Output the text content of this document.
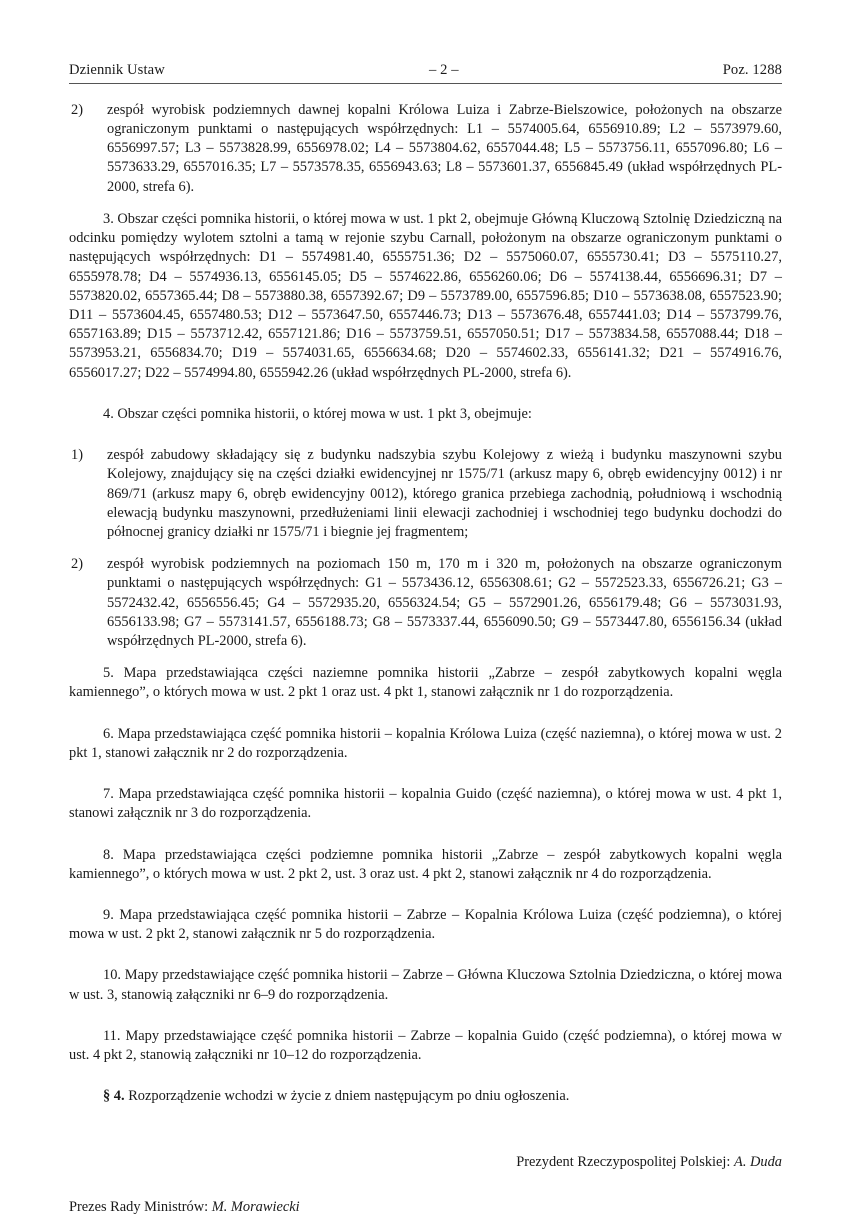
Dziennik Ustaw	– 2 –	Poz. 1288
2)	zespół wyrobisk podziemnych dawnej kopalni Królowa Luiza i Zabrze-Bielszowice, położonych na obszarze ograniczonym punktami o następujących współrzędnych: L1 – 5574005.64, 6556910.89; L2 – 5573979.60, 6556997.57; L3 – 5573828.99, 6556978.02; L4 – 5573804.62, 6557044.48; L5 – 5573756.11, 6557096.80; L6 – 5573633.29, 6557016.35; L7 – 5573578.35, 6556943.63; L8 – 5573601.37, 6556845.49 (układ współrzędnych PL-2000, strefa 6).
3. Obszar części pomnika historii, o której mowa w ust. 1 pkt 2, obejmuje Główną Kluczową Sztolnię Dziedziczną na odcinku pomiędzy wylotem sztolni a tamą w rejonie szybu Carnall, położonym na obszarze ograniczonym punktami o następujących współrzędnych: D1 – 5574981.40, 6555751.36; D2 – 5575060.07, 6555730.41; D3 – 5575110.27, 6555978.78; D4 – 5574936.13, 6556145.05; D5 – 5574622.86, 6556260.06; D6 – 5574138.44, 6556696.31; D7 – 5573820.02, 6557365.44; D8 – 5573880.38, 6557392.67; D9 – 5573789.00, 6557596.85; D10 – 5573638.08, 6557523.90; D11 – 5573604.45, 6557480.53; D12 – 5573647.50, 6557446.73; D13 – 5573676.48, 6557441.03; D14 – 5573799.76, 6557163.89; D15 – 5573712.42, 6557121.86; D16 – 5573759.51, 6557050.51; D17 – 5573834.58, 6557088.44; D18 – 5573953.21, 6556834.70; D19 – 5574031.65, 6556634.68; D20 – 5574602.33, 6556141.32; D21 – 5574916.76, 6556017.27; D22 – 5574994.80, 6555942.26 (układ współrzędnych PL-2000, strefa 6).
4. Obszar części pomnika historii, o której mowa w ust. 1 pkt 3, obejmuje:
1)	zespół zabudowy składający się z budynku nadszybia szybu Kolejowy z wieżą i budynku maszynowni szybu Kolejowy, znajdujący się na części działki ewidencyjnej nr 1575/71 (arkusz mapy 6, obręb ewidencyjny 0012) i nr 869/71 (arkusz mapy 6, obręb ewidencyjny 0012), którego granica przebiega zachodnią, południową i wschodnią elewacją budynku maszynowni, przedłużeniami linii elewacji zachodniej i wschodniej tego budynku dochodzi do północnej granicy działki nr 1575/71 i biegnie jej fragmentem;
2)	zespół wyrobisk podziemnych na poziomach 150 m, 170 m i 320 m, położonych na obszarze ograniczonym punktami o następujących współrzędnych: G1 – 5573436.12, 6556308.61; G2 – 5572523.33, 6556726.21; G3 – 5572432.42, 6556556.45; G4 – 5572935.20, 6556324.54; G5 – 5572901.26, 6556179.48; G6 – 5573031.93, 6556133.98; G7 – 5573141.57, 6556188.73; G8 – 5573337.44, 6556090.50; G9 – 5573447.80, 6556156.34 (układ współrzędnych PL-2000, strefa 6).
5. Mapa przedstawiająca części naziemne pomnika historii „Zabrze – zespół zabytkowych kopalni węgla kamiennego”, o których mowa w ust. 2 pkt 1 oraz ust. 4 pkt 1, stanowi załącznik nr 1 do rozporządzenia.
6. Mapa przedstawiająca część pomnika historii – kopalnia Królowa Luiza (część naziemna), o której mowa w ust. 2 pkt 1, stanowi załącznik nr 2 do rozporządzenia.
7. Mapa przedstawiająca część pomnika historii – kopalnia Guido (część naziemna), o której mowa w ust. 4 pkt 1, stanowi załącznik nr 3 do rozporządzenia.
8. Mapa przedstawiająca części podziemne pomnika historii „Zabrze – zespół zabytkowych kopalni węgla kamiennego”, o których mowa w ust. 2 pkt 2, ust. 3 oraz ust. 4 pkt 2, stanowi załącznik nr 4 do rozporządzenia.
9. Mapa przedstawiająca część pomnika historii – Zabrze – Kopalnia Królowa Luiza (część podziemna), o której mowa w ust. 2 pkt 2, stanowi załącznik nr 5 do rozporządzenia.
10. Mapy przedstawiające część pomnika historii – Zabrze – Główna Kluczowa Sztolnia Dziedziczna, o której mowa w ust. 3, stanowią załączniki nr 6–9 do rozporządzenia.
11. Mapy przedstawiające część pomnika historii – Zabrze – kopalnia Guido (część podziemna), o której mowa w ust. 4 pkt 2, stanowią załączniki nr 10–12 do rozporządzenia.
§ 4. Rozporządzenie wchodzi w życie z dniem następującym po dniu ogłoszenia.
Prezydent Rzeczypospolitej Polskiej: A. Duda
Prezes Rady Ministrów: M. Morawiecki
